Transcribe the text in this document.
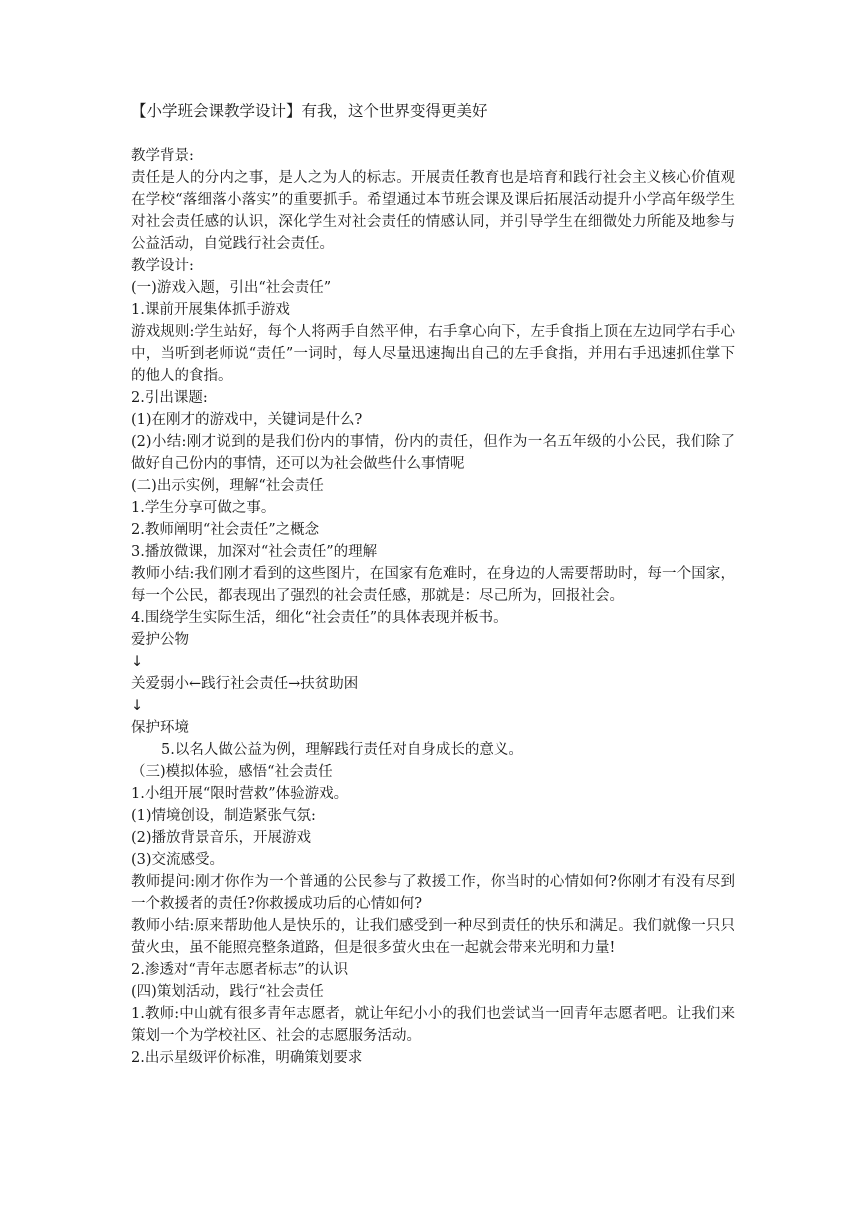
【小学班会课教学设计】有我，这个世界变得更美好

教学背景:

责任是人的分内之事，是人之为人的标志。开展责任教育也是培育和践行社会主义核心价值观在学校“落细落小落实”的重要抓手。希望通过本节班会课及课后拓展活动提升小学高年级学生对社会责任感的认识，深化学生对社会责任的情感认同，并引导学生在细微处力所能及地参与公益活动，自觉践行社会责任。

教学设计:

(一)游戏入题，引出“社会责任”

1.课前开展集体抓手游戏

游戏规则:学生站好，每个人将两手自然平伸，右手拿心向下，左手食指上顶在左边同学右手心中，当听到老师说“责任”一词时，每人尽量迅速掏出自己的左手食指，并用右手迅速抓住掌下的他人的食指。

2.引出课题:

(1)在刚才的游戏中，关键词是什么?

(2)小结:刚才说到的是我们份内的事情，份内的责任，但作为一名五年级的小公民，我们除了做好自己份内的事情，还可以为社会做些什么事情呢

(二)出示实例，理解“社会责任

1.学生分享可做之事。

2.教师阐明“社会责任”之概念

3.播放微课，加深对“社会责任”的理解

教师小结:我们刚才看到的这些图片，在国家有危难时，在身边的人需要帮助时，每一个国家，每一个公民，都表现出了强烈的社会责任感，那就是：尽己所为，回报社会。

4.围绕学生实际生活，细化“社会责任”的具体表现并板书。

爱护公物

↓

关爱弱小←践行社会责任→扶贫助困

↓

保护环境

5.以名人做公益为例，理解践行责任对自身成长的意义。

（三)模拟体验，感悟“社会责任

1.小组开展“限时营救”体验游戏。

(1)情境创设，制造紧张气氛:

(2)播放背景音乐，开展游戏

(3)交流感受。

教师提问:刚才你作为一个普通的公民参与了救援工作，你当时的心情如何?你刚才有没有尽到一个救援者的责任?你救援成功后的心情如何?

教师小结:原来帮助他人是快乐的，让我们感受到一种尽到责任的快乐和满足。我们就像一只只萤火虫，虽不能照亮整条道路，但是很多萤火虫在一起就会带来光明和力量!

2.渗透对“青年志愿者标志”的认识

(四)策划活动，践行“社会责任

1.教师:中山就有很多青年志愿者，就让年纪小小的我们也尝试当一回青年志愿者吧。让我们来策划一个为学校社区、社会的志愿服务活动。

2.出示星级评价标准，明确策划要求
